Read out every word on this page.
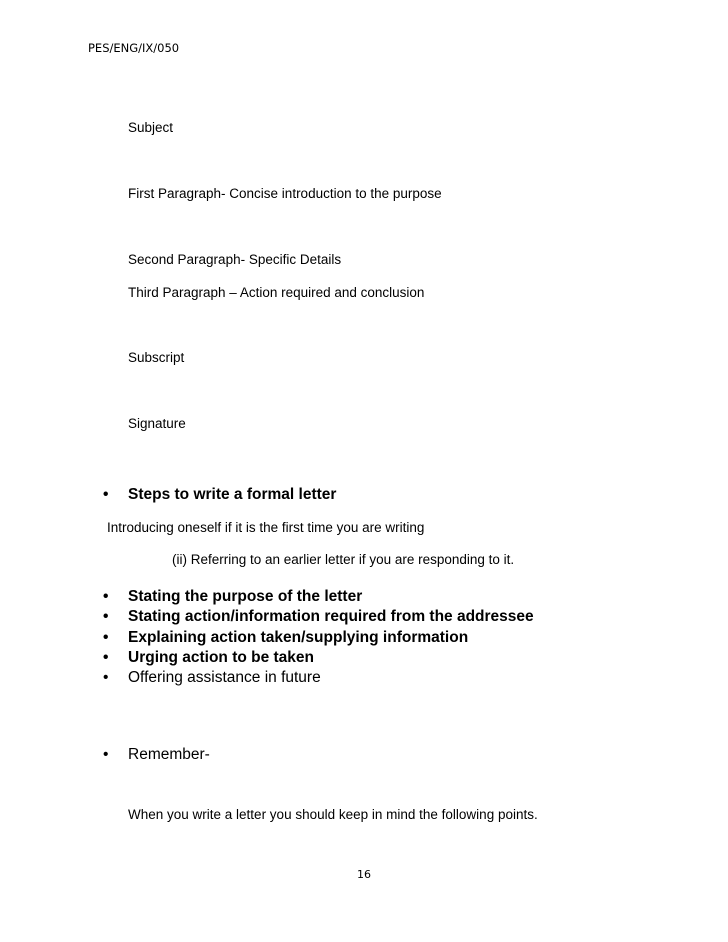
PES/ENG/IX/050
Subject
First Paragraph- Concise introduction to the purpose
Second Paragraph- Specific Details
Third Paragraph – Action required and conclusion
Subscript
Signature
• Steps to write a formal letter
Introducing oneself if it is the first time you are writing
(ii) Referring to an earlier letter if you are responding to it.
• Stating the purpose of the letter
• Stating action/information required from the addressee
• Explaining action taken/supplying information
• Urging action to be taken
• Offering assistance in future
• Remember-
When you write a letter you should keep in mind the following points.
16
